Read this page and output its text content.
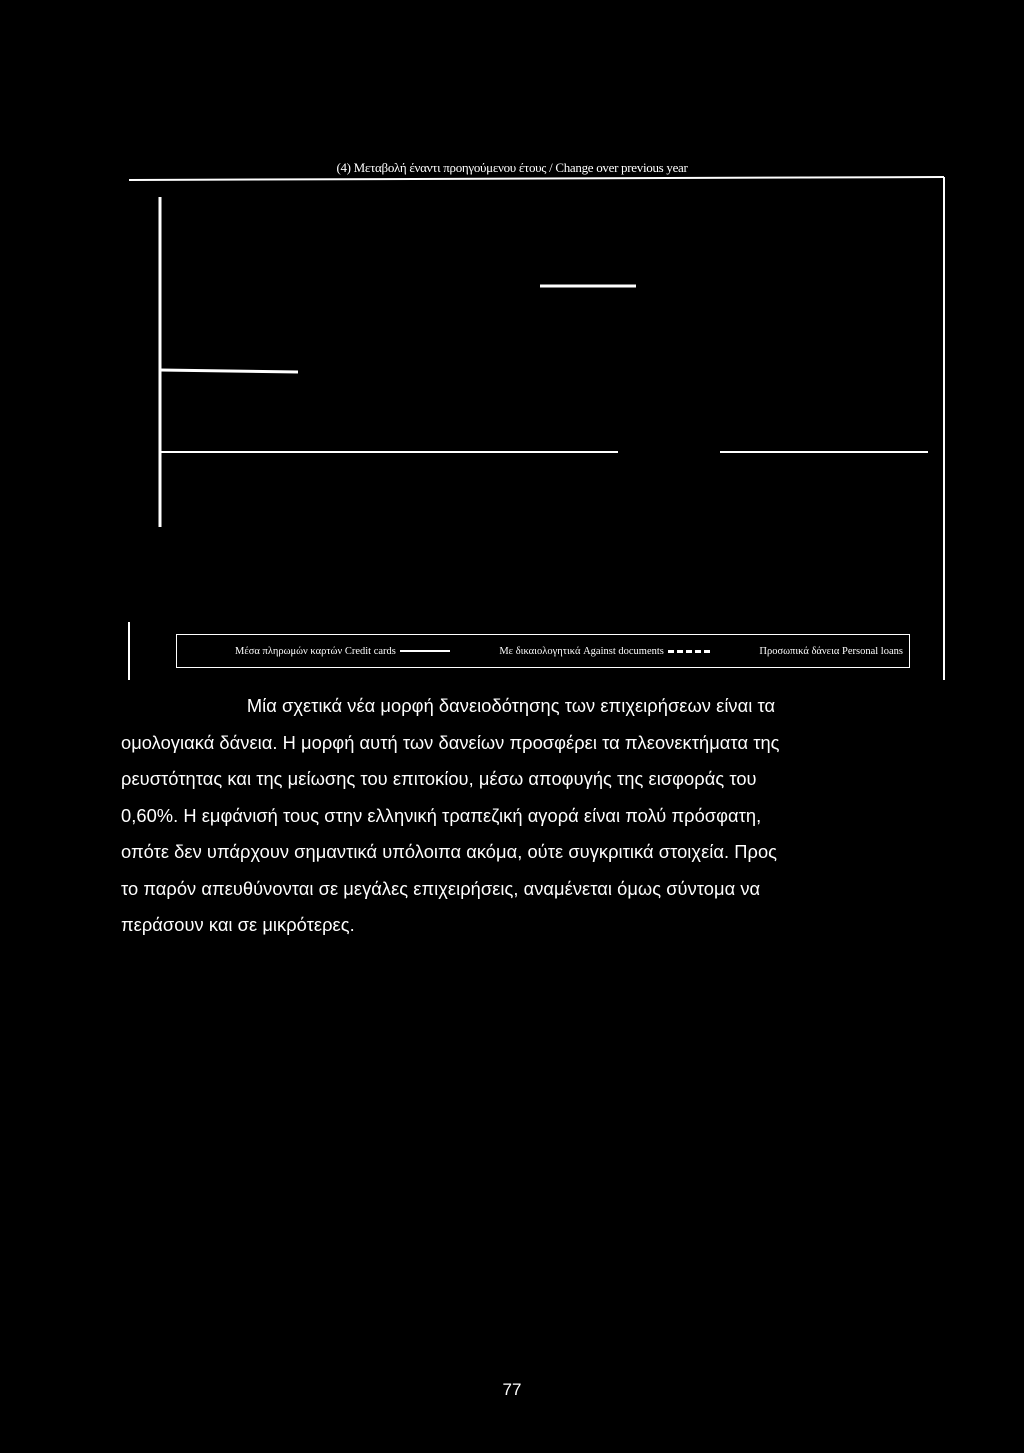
(4) Μεταβολή έναντι προηγούμενου έτους / Change over previous year
Μέσα πληρωμών καρτών Credit cards	Με δικαιολογητικά Against documents	Προσωπικά δάνεια Personal loans

Μία σχετικά νέα μορφή δανειοδότησης των επιχειρήσεων είναι τα
ομολογιακά δάνεια. Η μορφή αυτή των δανείων προσφέρει τα πλεονεκτήματα της
ρευστότητας και της μείωσης του επιτοκίου, μέσω αποφυγής της εισφοράς του
0,60%. Η εμφάνισή τους στην ελληνική τραπεζική αγορά είναι πολύ πρόσφατη,
οπότε δεν υπάρχουν σημαντικά υπόλοιπα ακόμα, ούτε συγκριτικά στοιχεία. Προς
το παρόν απευθύνονται σε μεγάλες επιχειρήσεις, αναμένεται όμως σύντομα να
περάσουν και σε μικρότερες.

77
